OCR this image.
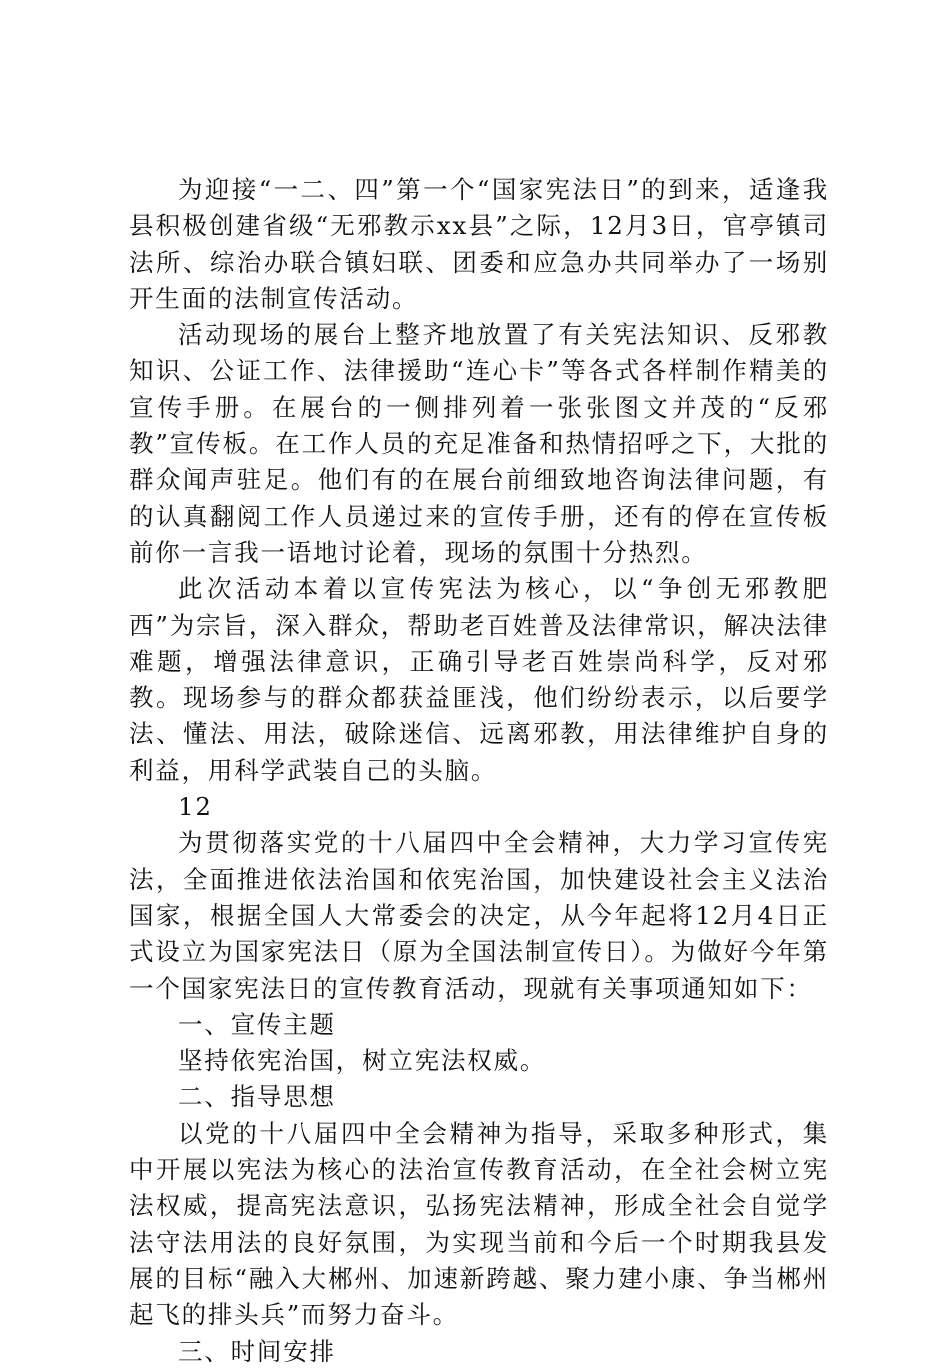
为迎接“一二、四”第一个“国家宪法日”的到来，适逢我县积极创建省级“无邪教示xx县”之际，12月3日，官亭镇司法所、综治办联合镇妇联、团委和应急办共同举办了一场别开生面的法制宣传活动。

活动现场的展台上整齐地放置了有关宪法知识、反邪教知识、公证工作、法律援助“连心卡”等各式各样制作精美的宣传手册。在展台的一侧排列着一张张图文并茂的“反邪教”宣传板。在工作人员的充足准备和热情招呼之下，大批的群众闻声驻足。他们有的在展台前细致地咨询法律问题，有的认真翻阅工作人员递过来的宣传手册，还有的停在宣传板前你一言我一语地讨论着，现场的氛围十分热烈。

此次活动本着以宣传宪法为核心，以“争创无邪教肥西”为宗旨，深入群众，帮助老百姓普及法律常识，解决法律难题，增强法律意识，正确引导老百姓崇尚科学，反对邪教。现场参与的群众都获益匪浅，他们纷纷表示，以后要学法、懂法、用法，破除迷信、远离邪教，用法律维护自身的利益，用科学武装自己的头脑。

12

为贯彻落实党的十八届四中全会精神，大力学习宣传宪法，全面推进依法治国和依宪治国，加快建设社会主义法治国家，根据全国人大常委会的决定，从今年起将12月4日正式设立为国家宪法日（原为全国法制宣传日）。为做好今年第一个国家宪法日的宣传教育活动，现就有关事项通知如下：

一、宣传主题

坚持依宪治国，树立宪法权威。

二、指导思想

以党的十八届四中全会精神为指导，采取多种形式，集中开展以宪法为核心的法治宣传教育活动，在全社会树立宪法权威，提高宪法意识，弘扬宪法精神，形成全社会自觉学法守法用法的良好氛围，为实现当前和今后一个时期我县发展的目标“融入大郴州、加速新跨越、聚力建小康、争当郴州起飞的排头兵”而努力奋斗。

三、时间安排
